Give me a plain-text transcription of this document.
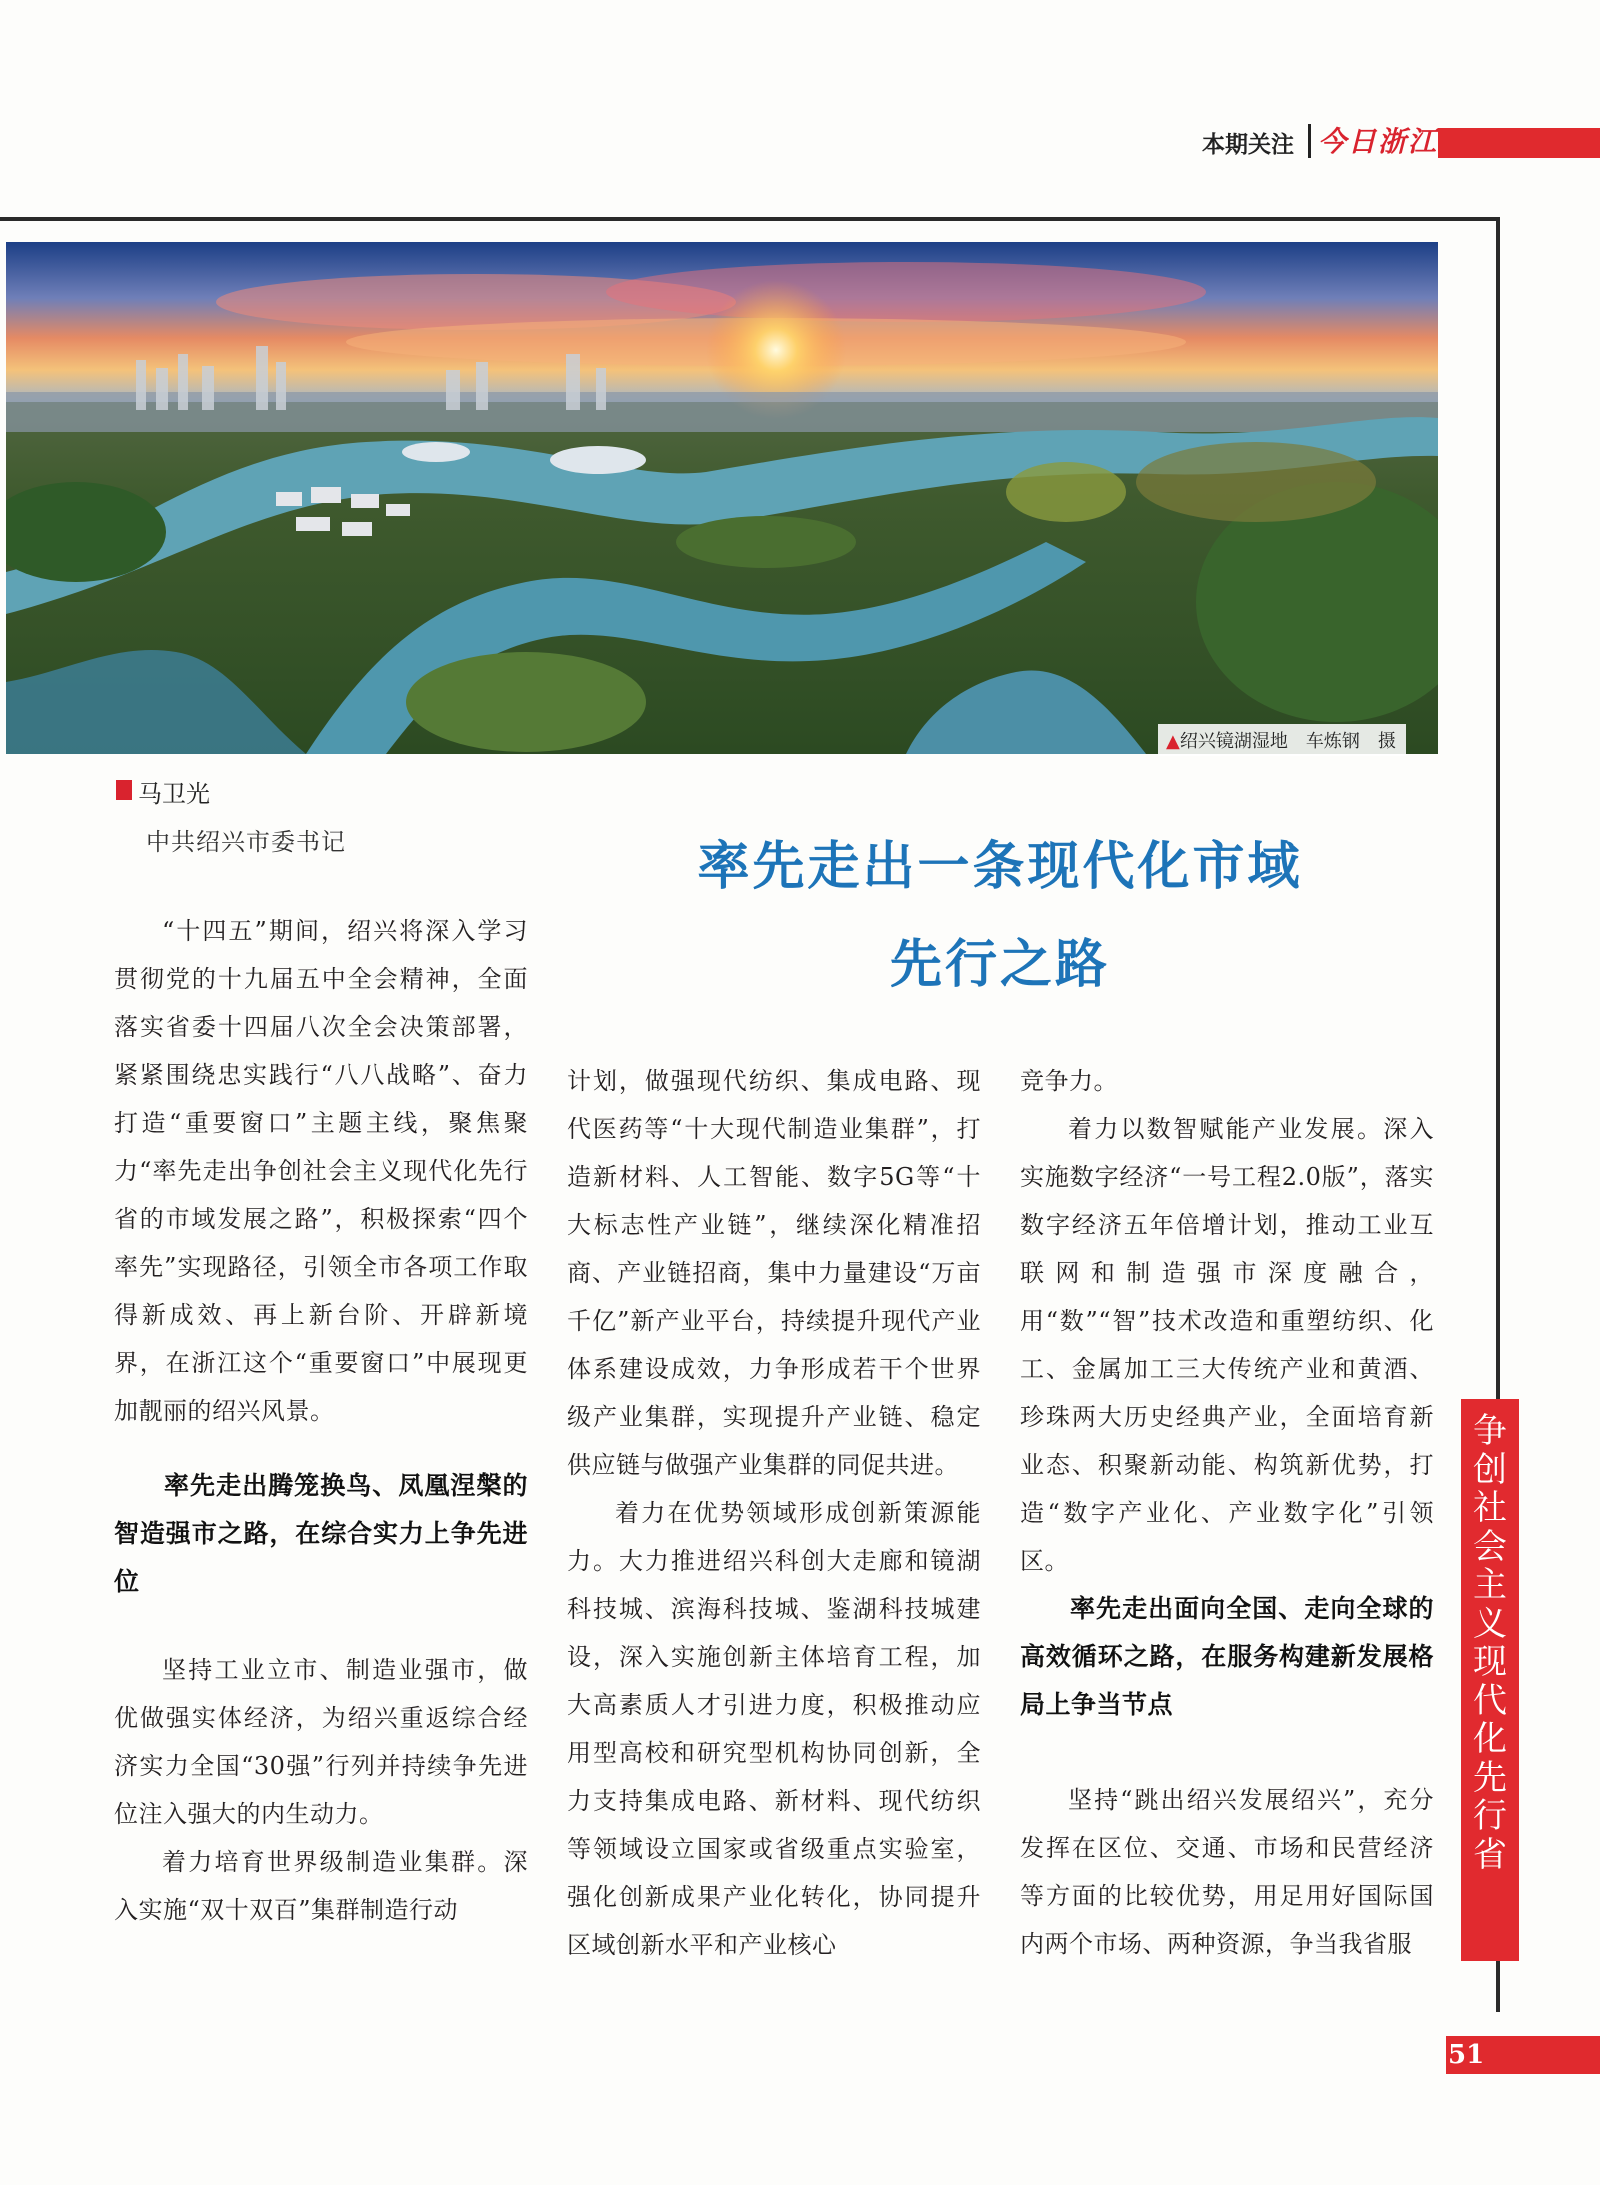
本期关注 今日浙江
▲绍兴镜湖湿地　车炼钢　摄
马卫光
中共绍兴市委书记	率先走出一条现代化市域
先行之路

“十四五”期间，绍兴将深入学习贯彻党的十九届五中全会精神，全面落实省委十四届八次全会决策部署，紧紧围绕忠实践行“八八战略”、奋力打造“重要窗口”主题主线，聚焦聚力“率先走出争创社会主义现代化先行省的市域发展之路”，积极探索“四个率先”实现路径，引领全市各项工作取得新成效、再上新台阶、开辟新境界，在浙江这个“重要窗口”中展现更加靓丽的绍兴风景。

率先走出腾笼换鸟、凤凰涅槃的智造强市之路，在综合实力上争先进位

坚持工业立市、制造业强市，做优做强实体经济，为绍兴重返综合经济实力全国“30强”行列并持续争先进位注入强大的内生动力。

着力培育世界级制造业集群。深入实施“双十双百”集群制造行动

计划，做强现代纺织、集成电路、现代医药等“十大现代制造业集群”，打造新材料、人工智能、数字5G等“十大标志性产业链”，继续深化精准招商、产业链招商，集中力量建设“万亩千亿”新产业平台，持续提升现代产业体系建设成效，力争形成若干个世界级产业集群，实现提升产业链、稳定供应链与做强产业集群的同促共进。

着力在优势领域形成创新策源能力。大力推进绍兴科创大走廊和镜湖科技城、滨海科技城、鉴湖科技城建设，深入实施创新主体培育工程，加大高素质人才引进力度，积极推动应用型高校和研究型机构协同创新，全力支持集成电路、新材料、现代纺织等领域设立国家或省级重点实验室，强化创新成果产业化转化，协同提升区域创新水平和产业核心

竞争力。

着力以数智赋能产业发展。深入实施数字经济“一号工程2.0版”，落实数字经济五年倍增计划，推动工业互联网和制造强市深度融合，用“数”“智”技术改造和重塑纺织、化工、金属加工三大传统产业和黄酒、珍珠两大历史经典产业，全面培育新业态、积聚新动能、构筑新优势，打造“数字产业化、产业数字化”引领区。

率先走出面向全国、走向全球的高效循环之路，在服务构建新发展格局上争当节点

坚持“跳出绍兴发展绍兴”，充分发挥在区位、交通、市场和民营经济等方面的比较优势，用足用好国际国内两个市场、两种资源，争当我省服

争
创
社
会
主
义
现
代
化
先
行
省
51
